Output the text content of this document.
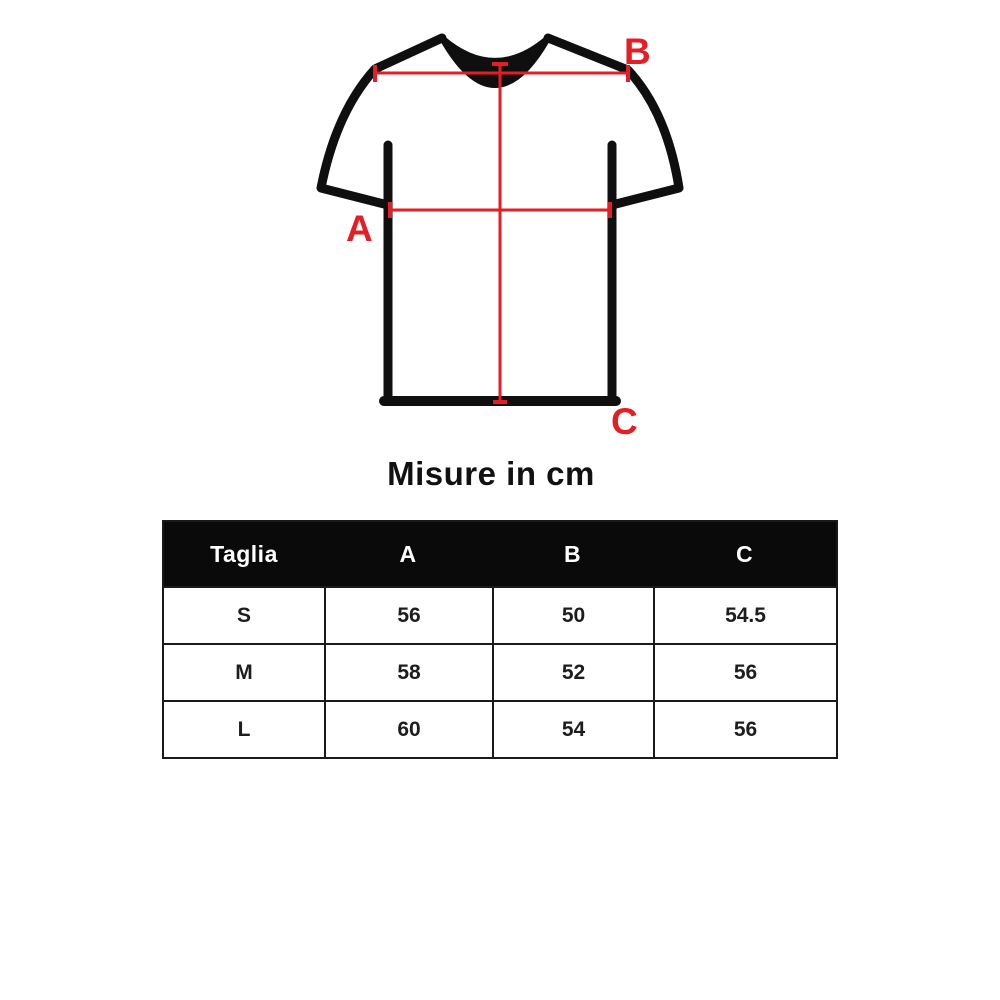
A
B
C
Misure in cm
Taglia	A	B	C
S	56	50	54.5
M	58	52	56
L	60	54	56
